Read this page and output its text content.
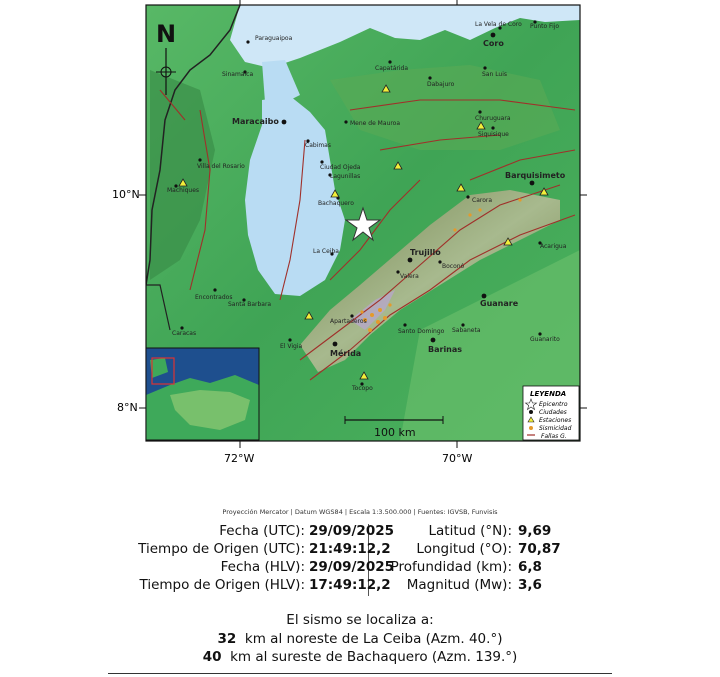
Paraguaipoa
Sinamaica
Maracaibo
Cabimas
Mene de Mauroa
Villa del Rosario
Machiques
Ciudad Ojeda
Lagunillas
Bachaquero
La Ceiba
Encontrados
Santa Barbara
Caracas
El Vigia
Mérida
Tocopo
Trujillo
Valera
Barinas
Guanare
Barquisimeto
Carora
Acarigua
Coro
La Vela de Coro Punto Fijo
Capatárida
Dabajuro
San Luis
Churuguara
Siquisique
Sabaneta
Guanarito
Apartaderos
Santo Domingo
Boconó
10°N
8°N
72°W	70°W
N
100 km
LEYENDA
Epicentro
Ciudades
Estaciones
Sismicidad
Fallas G.
Proyección Mercator | Datum WGS84 | Escala 1:3.500.000 | Fuentes: IGVSB, Funvisis
Fecha (UTC): 29/09/2025
Tiempo de Origen (UTC): 21:49:12,2
Fecha (HLV): 29/09/2025
Tiempo de Origen (HLV): 17:49:12,2
Latitud (°N): 9,69
Longitud (°O): 70,87
Profundidad (km): 6,8
Magnitud (Mw): 3,6
El sismo se localiza a:
32 km al noreste de La Ceiba (Azm. 40.°)
40 km al sureste de Bachaquero (Azm. 139.°)
